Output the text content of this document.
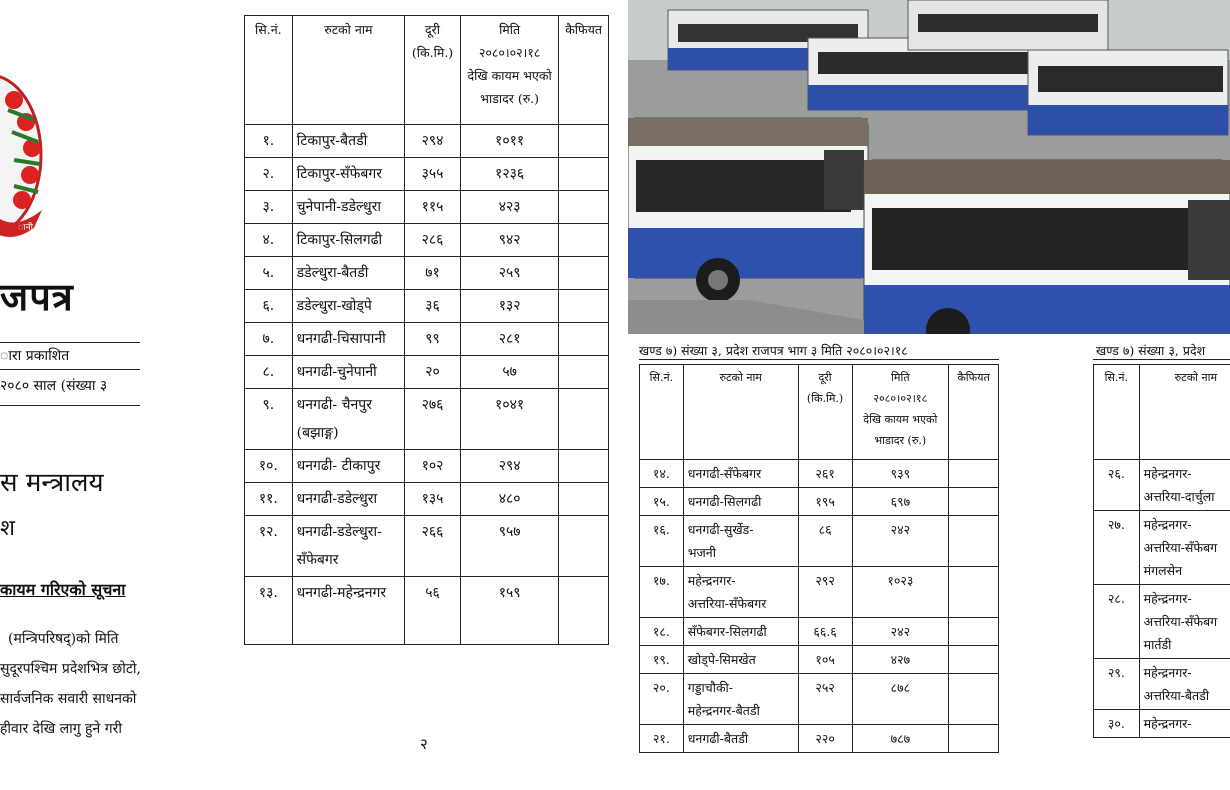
ानी
जपत्र
ारा प्रकाशित
२०८० साल (संख्या ३
स मन्त्रालय
श
कायम गरिएको सूचना
(मन्त्रिपरिषद्)को मिति
सुदूरपश्चिम प्रदेशभित्र छोटो,
सार्वजनिक सवारी साधनको
हीवार देखि लागु हुने गरी
सि.नं.	रुटको नाम	दूरी
(कि.मि.)	मिति
२०८०।०२।१८
देखि कायम भएको
भाडादर (रु.)	कैफियत
१.	टिकापुर-बैतडी	२९४	१०११	
२.	टिकापुर-सँफेबगर	३५५	१२३६	
३.	चुनेपानी-डडेल्धुरा	११५	४२३	
४.	टिकापुर-सिलगढी	२८६	९४२	
५.	डडेल्धुरा-बैतडी	७१	२५९	
६.	डडेल्धुरा-खोड्पे	३६	१३२	
७.	धनगढी-चिसापानी	९९	२८१	
८.	धनगढी-चुनेपानी	२०	५७	
९.	धनगढी- चैनपुर
(बझाङ्ग)	२७६	१०४१	
१०.	धनगढी- टीकापुर	१०२	२९४	
११.	धनगढी-डडेल्धुरा	१३५	४८०	
१२.	धनगढी-डडेल्धुरा-
सँफेबगर	२६६	९५७	
१३.	धनगढी-महेन्द्रनगर	५६	१५९	
२
खण्ड ७) संख्या ३, प्रदेश राजपत्र भाग ३ मिति २०८०।०२।१८
सि.नं.	रुटको नाम	दूरी
(कि.मि.)	मिति
२०८०।०२।१८
देखि कायम भएको
भाडादर (रु.)	कैफियत
१४.	धनगढी-सँफेबगर	२६१	९३९	
१५.	धनगढी-सिलगढी	१९५	६९७	
१६.	धनगढी-सुर्खेड-
भजनी	८६	२४२	
१७.	महेन्द्रनगर-
अत्तरिया-सँफेबगर	२९२	१०२३	
१८.	सँफेबगर-सिलगढी	६६.६	२४२	
१९.	खोड्पे-सिमखेत	१०५	४२७	
२०.	गड्डाचौकी-
महेन्द्रनगर-बैतडी	२५२	८७८	
२१.	धनगढी-बैतडी	२२०	७८७	
खण्ड ७) संख्या ३, प्रदेश
सि.नं.	रुटको नाम
२६.	महेन्द्रनगर-
अत्तरिया-दार्चुला
२७.	महेन्द्रनगर-
अत्तरिया-सँफेबग
मंगलसेन
२८.	महेन्द्रनगर-
अत्तरिया-सँफेबग
मार्तडी
२९.	महेन्द्रनगर-
अत्तरिया-बैतडी
३०.	महेन्द्रनगर-
